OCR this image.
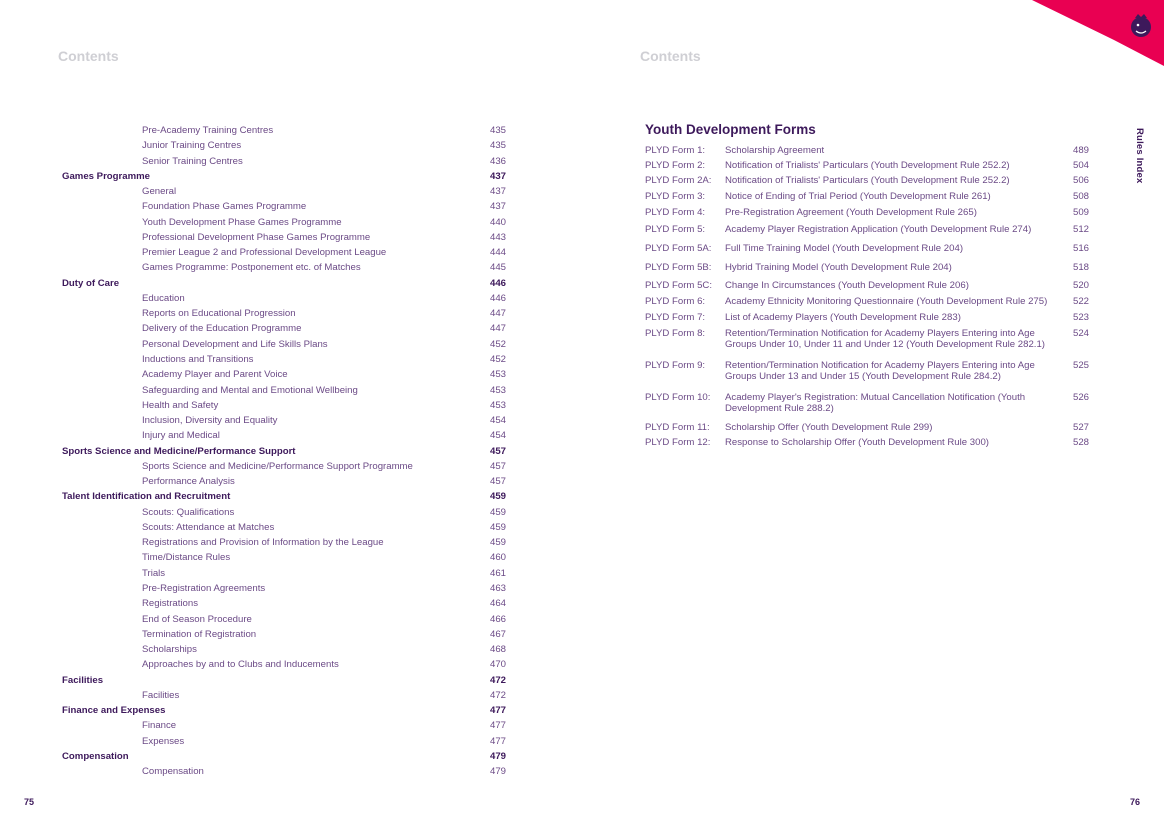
Contents
Pre-Academy Training Centres	435
Junior Training Centres	435
Senior Training Centres	436
Games Programme	437
General	437
Foundation Phase Games Programme	437
Youth Development Phase Games Programme	440
Professional Development Phase Games Programme	443
Premier League 2 and Professional Development League	444
Games Programme: Postponement etc. of Matches	445
Duty of Care	446
Education	446
Reports on Educational Progression	447
Delivery of the Education Programme	447
Personal Development and Life Skills Plans	452
Inductions and Transitions	452
Academy Player and Parent Voice	453
Safeguarding and Mental and Emotional Wellbeing	453
Health and Safety	453
Inclusion, Diversity and Equality	454
Injury and Medical	454
Sports Science and Medicine/Performance Support	457
Sports Science and Medicine/Performance Support Programme	457
Performance Analysis	457
Talent Identification and Recruitment	459
Scouts: Qualifications	459
Scouts: Attendance at Matches	459
Registrations and Provision of Information by the League	459
Time/Distance Rules	460
Trials	461
Pre-Registration Agreements	463
Registrations	464
End of Season Procedure	466
Termination of Registration	467
Scholarships	468
Approaches by and to Clubs and Inducements	470
Facilities	472
Facilities	472
Finance and Expenses	477
Finance	477
Expenses	477
Compensation	479
Compensation	479
75
Contents
Youth Development Forms
PLYD Form 1: Scholarship Agreement	489
PLYD Form 2: Notification of Trialists' Particulars (Youth Development Rule 252.2)	504
PLYD Form 2A: Notification of Trialists' Particulars (Youth Development Rule 252.2)	506
PLYD Form 3: Notice of Ending of Trial Period (Youth Development Rule 261)	508
PLYD Form 4: Pre-Registration Agreement (Youth Development Rule 265)	509
PLYD Form 5: Academy Player Registration Application (Youth Development Rule 274)	512
PLYD Form 5A: Full Time Training Model (Youth Development Rule 204)	516
PLYD Form 5B: Hybrid Training Model (Youth Development Rule 204)	518
PLYD Form 5C: Change In Circumstances (Youth Development Rule 206)	520
PLYD Form 6: Academy Ethnicity Monitoring Questionnaire (Youth Development Rule 275)	522
PLYD Form 7: List of Academy Players (Youth Development Rule 283)	523
PLYD Form 8: Retention/Termination Notification for Academy Players Entering into Age Groups Under 10, Under 11 and Under 12 (Youth Development Rule 282.1)
524
PLYD Form 9: Retention/Termination Notification for Academy Players Entering into Age Groups Under 13 and Under 15 (Youth Development Rule 284.2)
525
PLYD Form 10: Academy Player's Registration: Mutual Cancellation Notification (Youth Development Rule 288.2)
526
PLYD Form 11: Scholarship Offer (Youth Development Rule 299)	527
PLYD Form 12: Response to Scholarship Offer (Youth Development Rule 300)	528
Rules Index
76
